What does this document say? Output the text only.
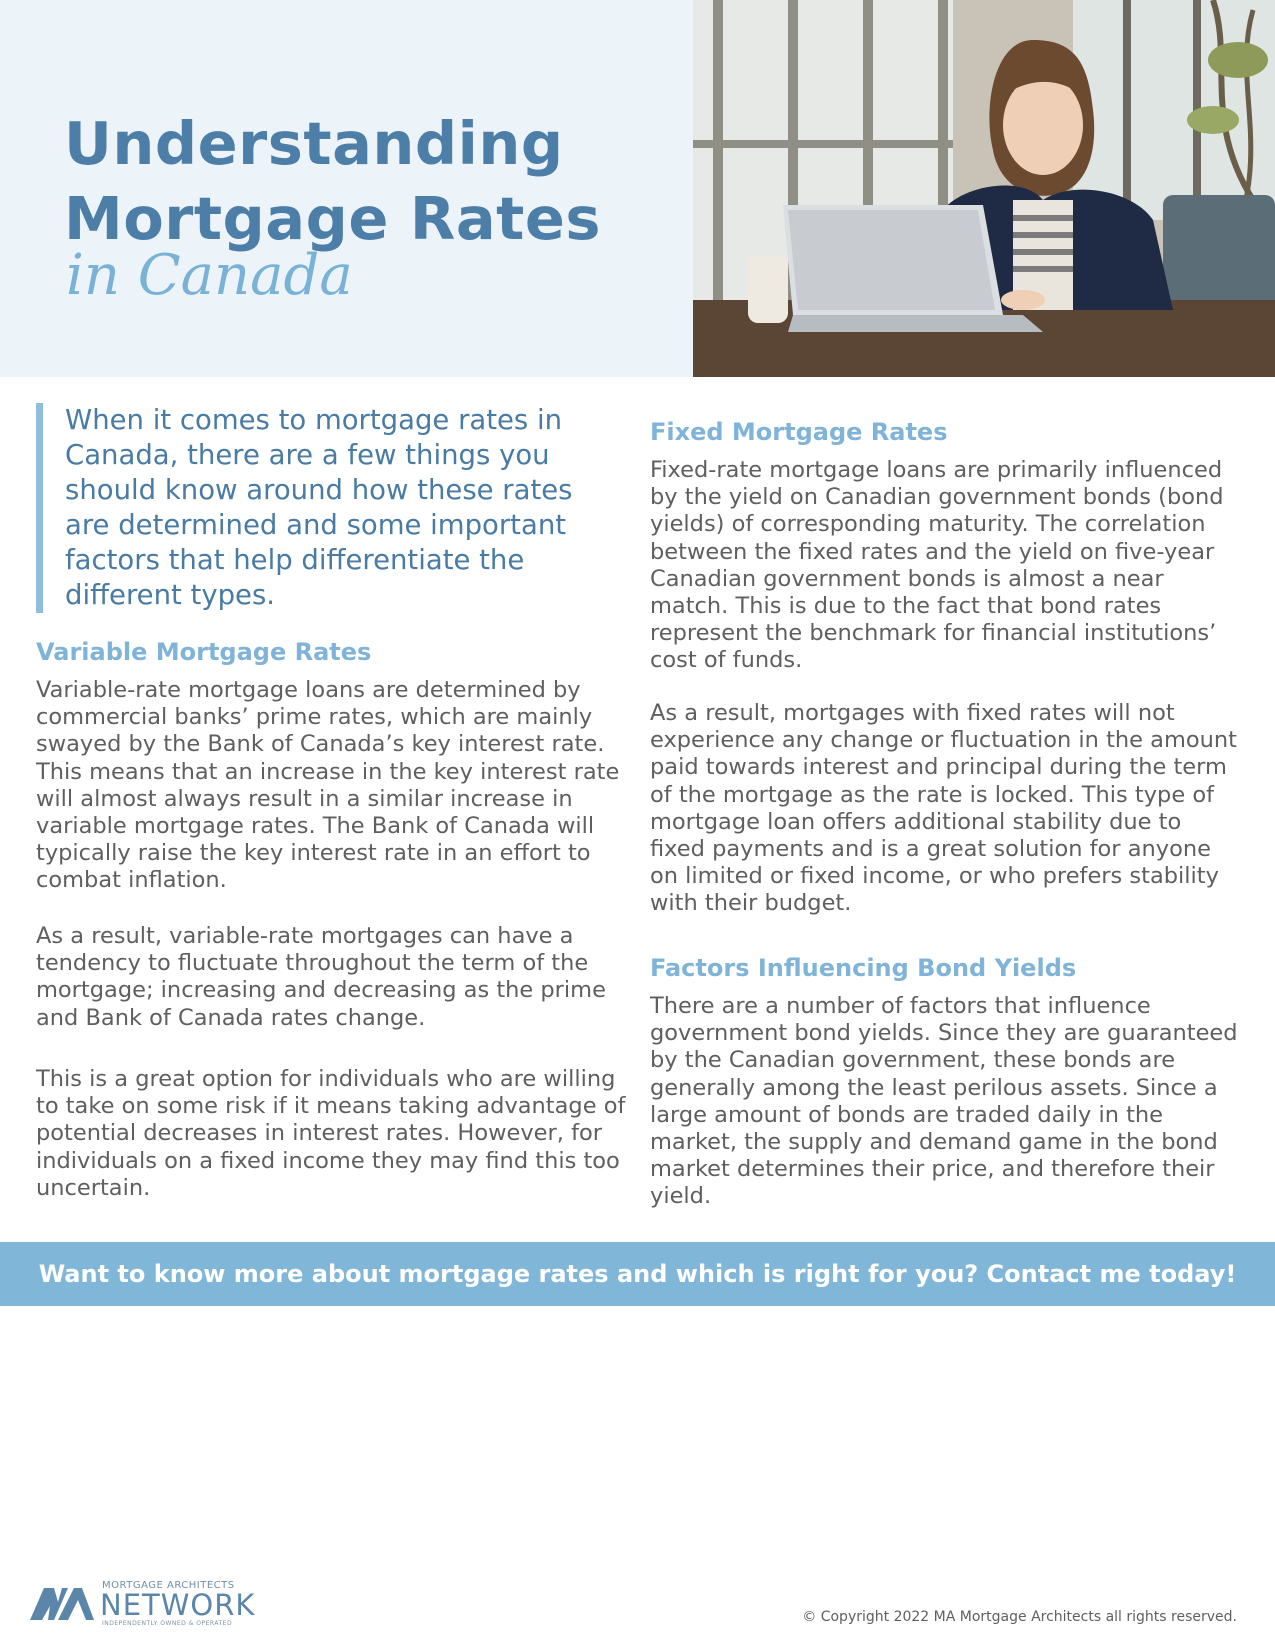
Understanding
Mortgage Rates
in Canada

When it comes to mortgage rates in Canada, there are a few things you should know around how these rates are determined and some important factors that help differentiate the different types.

Variable Mortgage Rates

Variable-rate mortgage loans are determined by commercial banks’ prime rates, which are mainly swayed by the Bank of Canada’s key interest rate. This means that an increase in the key interest rate will almost always result in a similar increase in variable mortgage rates. The Bank of Canada will typically raise the key interest rate in an effort to combat inflation.

As a result, variable-rate mortgages can have a tendency to fluctuate throughout the term of the mortgage; increasing and decreasing as the prime and Bank of Canada rates change.

This is a great option for individuals who are willing to take on some risk if it means taking advantage of potential decreases in interest rates. However, for individuals on a fixed income they may find this too uncertain.

Fixed Mortgage Rates

Fixed-rate mortgage loans are primarily influenced by the yield on Canadian government bonds (bond yields) of corresponding maturity. The correlation between the fixed rates and the yield on five-year Canadian government bonds is almost a near match. This is due to the fact that bond rates represent the benchmark for financial institutions’ cost of funds.

As a result, mortgages with fixed rates will not experience any change or fluctuation in the amount paid towards interest and principal during the term of the mortgage as the rate is locked. This type of mortgage loan offers additional stability due to fixed payments and is a great solution for anyone on limited or fixed income, or who prefers stability with their budget.

Factors Influencing Bond Yields

There are a number of factors that influence government bond yields. Since they are guaranteed by the Canadian government, these bonds are generally among the least perilous assets. Since a large amount of bonds are traded daily in the market, the supply and demand game in the bond market determines their price, and therefore their yield.

Want to know more about mortgage rates and which is right for you? Contact me today!
MORTGAGE ARCHITECTS
NETWORK
INDEPENDENTLY OWNED & OPERATED	© Copyright 2022 MA Mortgage Architects all rights reserved.
